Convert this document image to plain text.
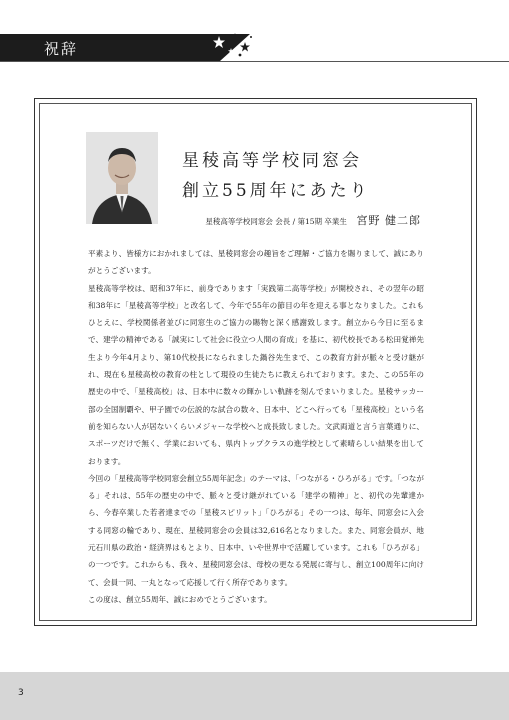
祝辞
星稜高等学校同窓会
創立55周年にあたり
星稜高等学校同窓会 会長 / 第15期 卒業生 宮野 健二郎

平素より、皆様方におかれましては、星稜同窓会の趣旨をご理解・ご協力を賜りまして、誠にありがとうございます。

星稜高等学校は、昭和37年に、前身であります「実践第二高等学校」が開校され、その翌年の昭和38年に「星稜高等学校」と改名して、今年で55年の節目の年を迎える事となりました。これもひとえに、学校関係者並びに同窓生のご協力の賜物と深く感謝致します。創立から今日に至るまで、建学の精神である「誠実にして社会に役立つ人間の育成」を基に、初代校長である松田覚禅先生より今年4月より、第10代校長になられました鍋谷先生まで、この教育方針が脈々と受け継がれ、現在も星稜高校の教育の柱として現役の生徒たちに教えられております。また、この55年の歴史の中で、「星稜高校」は、日本中に数々の輝かしい軌跡を刻んでまいりました。星稜サッカー部の全国制覇や、甲子園での伝説的な試合の数々、日本中、どこへ行っても「星稜高校」という名前を知らない人が居ないくらいメジャーな学校へと成長致しました。文武両道と言う言葉通りに、スポーツだけで無く、学業においても、県内トップクラスの進学校として素晴らしい結果を出しております。

今回の「星稜高等学校同窓会創立55周年記念」のテーマは、「つながる・ひろがる」です。「つながる」それは、55年の歴史の中で、脈々と受け継がれている「建学の精神」と、初代の先輩達から、今春卒業した若者達までの「星稜スピリット」「ひろがる」その一つは、毎年、同窓会に入会する同窓の輪であり、現在、星稜同窓会の会員は32,616名となりました。また、同窓会員が、地元石川県の政治・経済界はもとより、日本中、いや世界中で活躍しています。これも「ひろがる」の一つです。これからも、我々、星稜同窓会は、母校の更なる発展に寄与し、創立100周年に向けて、会員一同、一丸となって応援して行く所存であります。

この度は、創立55周年、誠におめでとうございます。

3
